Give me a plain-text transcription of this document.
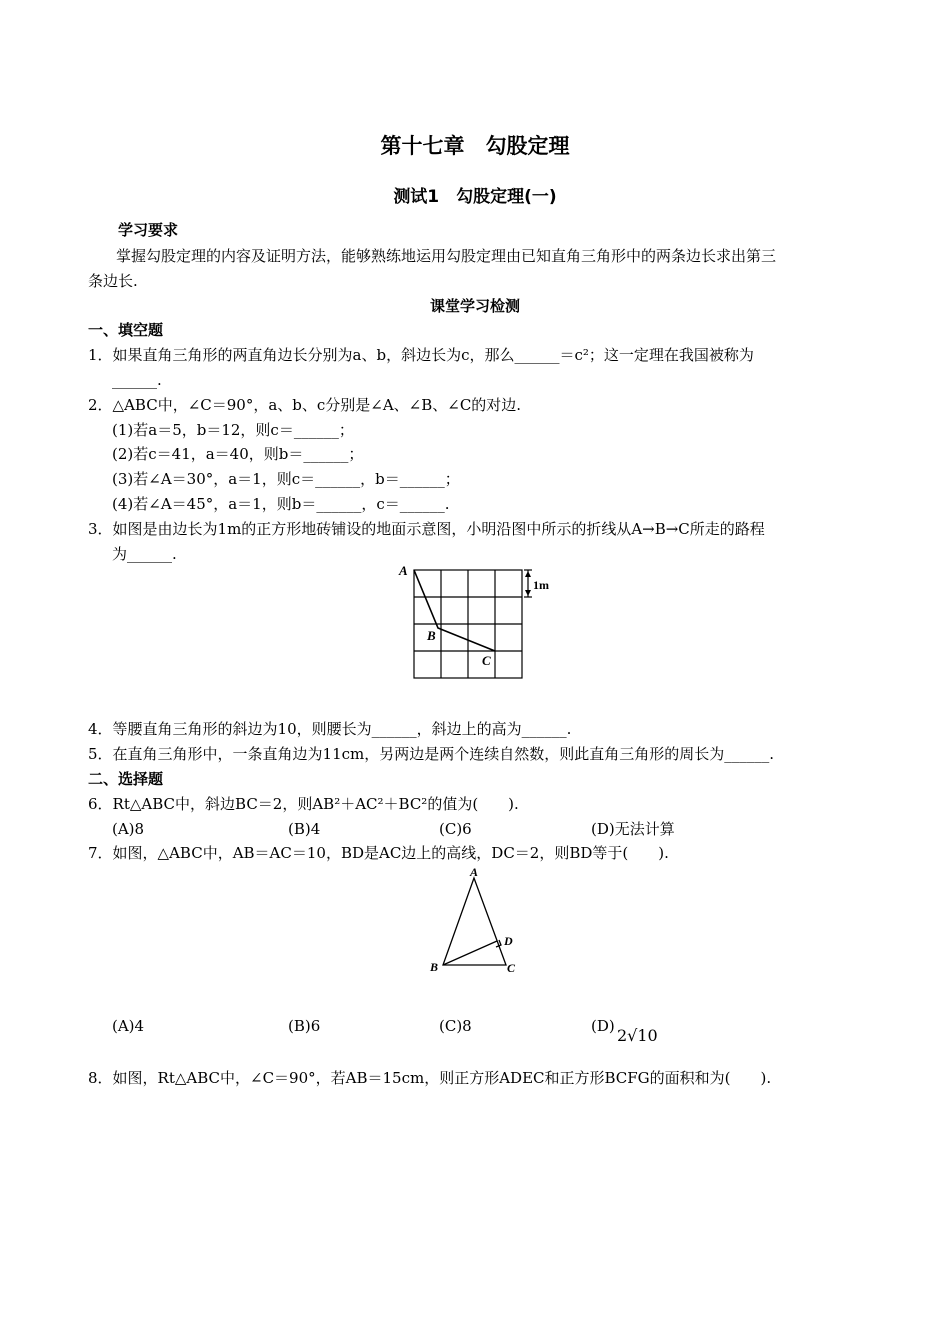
第十七章　勾股定理
测试1　勾股定理(一)
学习要求
掌握勾股定理的内容及证明方法，能够熟练地运用勾股定理由已知直角三角形中的两条边长求出第三
条边长.
课堂学习检测
一、填空题
1．如果直角三角形的两直角边长分别为a、b，斜边长为c，那么______＝c²；这一定理在我国被称为
______.
2．△ABC中，∠C＝90°，a、b、c分别是∠A、∠B、∠C的对边.
(1)若a＝5，b＝12，则c＝______；
(2)若c＝41，a＝40，则b＝______；
(3)若∠A＝30°，a＝1，则c＝______，b＝______；
(4)若∠A＝45°，a＝1，则b＝______，c＝______.
3．如图是由边长为1m的正方形地砖铺设的地面示意图，小明沿图中所示的折线从A→B→C所走的路程
为______.
A
B
C
1m
4．等腰直角三角形的斜边为10，则腰长为______，斜边上的高为______.
5．在直角三角形中，一条直角边为11cm，另两边是两个连续自然数，则此直角三角形的周长为______.
二、选择题
6．Rt△ABC中，斜边BC＝2，则AB²＋AC²＋BC²的值为(　　).
(A)8	(B)4	(C)6	(D)无法计算
7．如图，△ABC中，AB＝AC＝10，BD是AC边上的高线，DC＝2，则BD等于(　　).
A
B	C
D
(A)4	(B)6	(C)8	(D) 2√10
8．如图，Rt△ABC中，∠C＝90°，若AB＝15cm，则正方形ADEC和正方形BCFG的面积和为(　　).
